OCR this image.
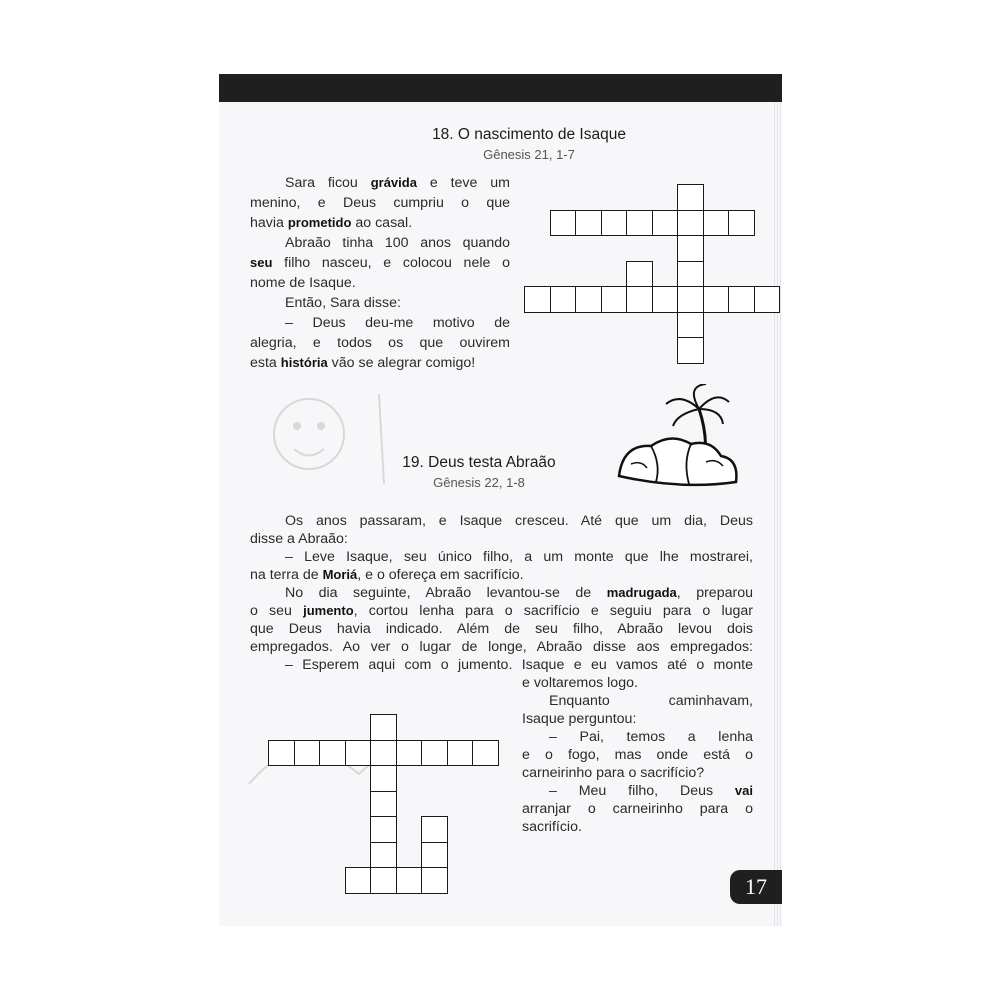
18. O nascimento de Isaque
Gênesis 21, 1-7
Sara ficou grávida e teve um
menino, e Deus cumpriu o que
havia prometido ao casal.
Abraão tinha 100 anos quando
seu filho nasceu, e colocou nele o
nome de Isaque.
Então, Sara disse:
– Deus deu-me motivo de
alegria, e todos os que ouvirem
esta história vão se alegrar comigo!
19. Deus testa Abraão
Gênesis 22, 1-8
Os anos passaram, e Isaque cresceu. Até que um dia, Deus
disse a Abraão:
– Leve Isaque, seu único filho, a um monte que lhe mostrarei,
na terra de Moriá, e o ofereça em sacrifício.
No dia seguinte, Abraão levantou-se de madrugada, preparou
o seu jumento, cortou lenha para o sacrifício e seguiu para o lugar
que Deus havia indicado. Além de seu filho, Abraão levou dois
empregados. Ao ver o lugar de longe, Abraão disse aos empregados:
– Esperem aqui com o jumento. Isaque e eu vamos até o monte
e voltaremos logo.
Enquanto caminhavam,
Isaque perguntou:
– Pai, temos a lenha
e o fogo, mas onde está o
carneirinho para o sacrifício?
– Meu filho, Deus vai
arranjar o carneirinho para o
sacrifício.
17
